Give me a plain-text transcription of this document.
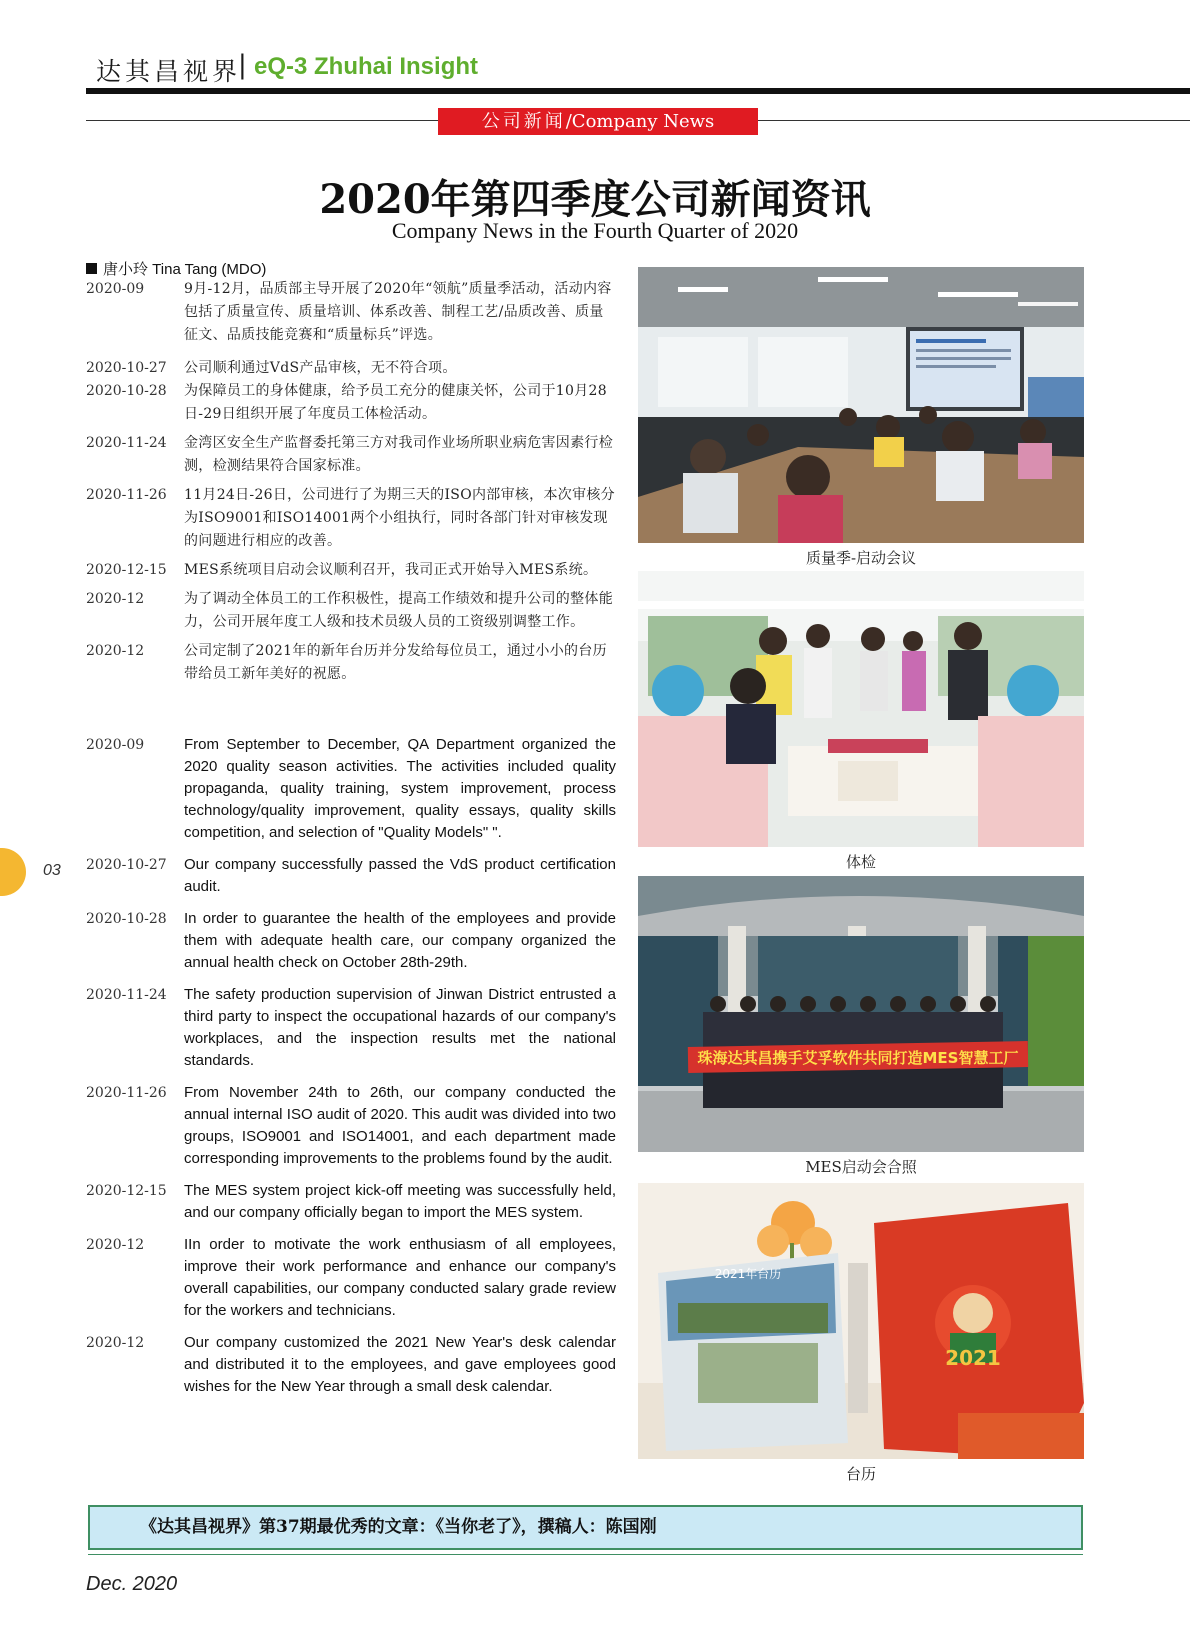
达其昌视界
| eQ-3 Zhuhai Insight
公司新闻/Company News
2020年第四季度公司新闻资讯
Company News in the Fourth Quarter of 2020
唐小玲 Tina Tang (MDO)
2020-09	9月-12月，品质部主导开展了2020年“领航”质量季活动，活动内容包括了质量宣传、质量培训、体系改善、制程工艺/品质改善、质量征文、品质技能竞赛和“质量标兵”评选。
2020-10-27	公司顺利通过VdS产品审核，无不符合项。
2020-10-28	为保障员工的身体健康，给予员工充分的健康关怀，公司于10月28日-29日组织开展了年度员工体检活动。
2020-11-24	金湾区安全生产监督委托第三方对我司作业场所职业病危害因素行检测，检测结果符合国家标准。
2020-11-26	11月24日-26日，公司进行了为期三天的ISO内部审核，本次审核分为ISO9001和ISO14001两个小组执行，同时各部门针对审核发现的问题进行相应的改善。
2020-12-15	MES系统项目启动会议顺利召开，我司正式开始导入MES系统。
2020-12	为了调动全体员工的工作积极性，提高工作绩效和提升公司的整体能力，公司开展年度工人级和技术员级人员的工资级别调整工作。
2020-12	公司定制了2021年的新年台历并分发给每位员工，通过小小的台历带给员工新年美好的祝愿。
2020-09	From September to December, QA Department organized the 2020 quality season activities. The activities included quality propaganda, quality training, system improvement, process technology/quality improvement, quality essays, quality skills competition, and selection of "Quality Models" ".
2020-10-27	Our company successfully passed the VdS product certification audit.
2020-10-28	In order to guarantee the health of the employees and provide them with adequate health care, our company organized the annual health check on October 28th-29th.
2020-11-24	The safety production supervision of Jinwan District entrusted a third party to inspect the occupational hazards of our company's workplaces, and the inspection results met the national standards.
2020-11-26	From November 24th to 26th, our company conducted the annual internal ISO audit of 2020. This audit was divided into two groups, ISO9001 and ISO14001, and each department made corresponding improvements to the problems found by the audit.
2020-12-15	The MES system project kick-off meeting was successfully held, and our company officially began to import the MES system.
2020-12	IIn order to motivate the work enthusiasm of all employees, improve their work performance and enhance our company's overall capabilities, our company conducted salary grade review for the workers and technicians.
2020-12	Our company customized the 2021 New Year's desk calendar and distributed it to the employees, and gave employees good wishes for the New Year through a small desk calendar.
质量季-启动会议
体检
珠海达其昌携手艾孚软件共同打造MES智慧工厂
MES启动会合照
2021年台历
2021
台历
03
《达其昌视界》第37期最优秀的文章：《当你老了》，撰稿人：陈国刚
Dec. 2020
